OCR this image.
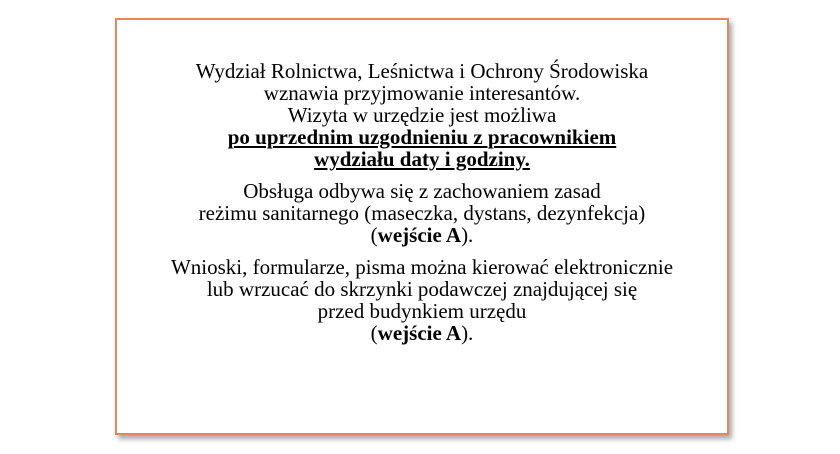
Wydział Rolnictwa, Leśnictwa i Ochrony Środowiska
wznawia przyjmowanie interesantów.
Wizyta w urzędzie jest możliwa
po uprzednim uzgodnieniu z pracownikiem
wydziału daty i godziny.

Obsługa odbywa się z zachowaniem zasad
reżimu sanitarnego (maseczka, dystans, dezynfekcja)
(wejście A).

Wnioski, formularze, pisma można kierować elektronicznie
lub wrzucać do skrzynki podawczej znajdującej się
przed budynkiem urzędu
(wejście A).
